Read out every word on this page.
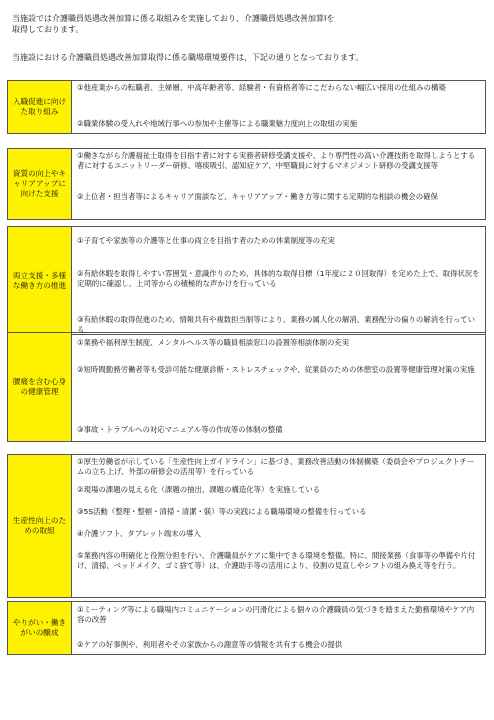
当施設では介護職員処遇改善加算に係る取組みを実施しており、介護職員処遇改善加算Ⅰを

取得しております。

当施設における介護職員処遇改善加算取得に係る職場環境要件は、下記の通りとなっております。

入職促進に向けた取り組み

①他産業からの転職者、主婦層、中高年齢者等、経験者・有資格者等にこだわらない幅広い採用の仕組みの構築

②職業体験の受入れや地域行事への参加や主催等による職業魅力度向上の取組の実施

資質の向上やキャリアアップに向けた支援

①働きながら介護福祉士取得を目指す者に対する実務者研修受講支援や、より専門性の高い介護技術を取得しようとする者に対するユニットリーダー研修、喀痰吸引、認知症ケア、中堅職員に対するマネジメント研修の受講支援等

②上位者・担当者等によるキャリア面談など、キャリアアップ・働き方等に関する定期的な相談の機会の確保

両立支援・多様な働き方の推進

①子育てや家族等の介護等と仕事の両立を目指す者のための休業制度等の充実

②有給休暇を取得しやすい雰囲気・意識作りのため、具体的な取得目標（1年度に２０回取得）を定めた上で、取得状況を定期的に確認し、上司等からの積極的な声かけを行っている

③有給休暇の取得促進のため、情報共有や複数担当制等により、業務の属人化の解消、業務配分の偏りの解消を行っている

腰痛を含む心身の健康管理

①業務や福利厚生制度、メンタルヘルス等の職員相談窓口の設置等相談体制の充実

②短時間勤務労働者等も受診可能な健康診断・ストレスチェックや、従業員のための休憩室の設置等健康管理対策の実施

③事故・トラブルへの対応マニュアル等の作成等の体制の整備

生産性向上のための取組

①厚生労働省が示している「生産性向上ガイドライン」に基づき、業務改善活動の体制構築（委員会やプロジェクトチームの立ち上げ、外部の研修会の活用等）を行っている

②現場の課題の見える化（課題の抽出、課題の構造化等）を実施している

③5S活動（整理・整頓・清掃・清潔・躾）等の実践による職場環境の整備を行っている

④介護ソフト、タブレット端末の導入

⑤業務内容の明確化と役割分担を行い、介護職員がケアに集中できる環境を整備。特に、間接業務（食事等の準備や片付け、清掃、ベッドメイク、ゴミ捨て等）は、介護助手等の活用により、役割の見直しやシフトの組み換え等を行う。

やりがい・働きがいの醸成

①ミーティング等による職場内コミュニケーションの円滑化による個々の介護職員の気づきを踏まえた勤務環境やケア内容の改善

②ケアの好事例や、利用者やその家族からの謝意等の情報を共有する機会の提供
